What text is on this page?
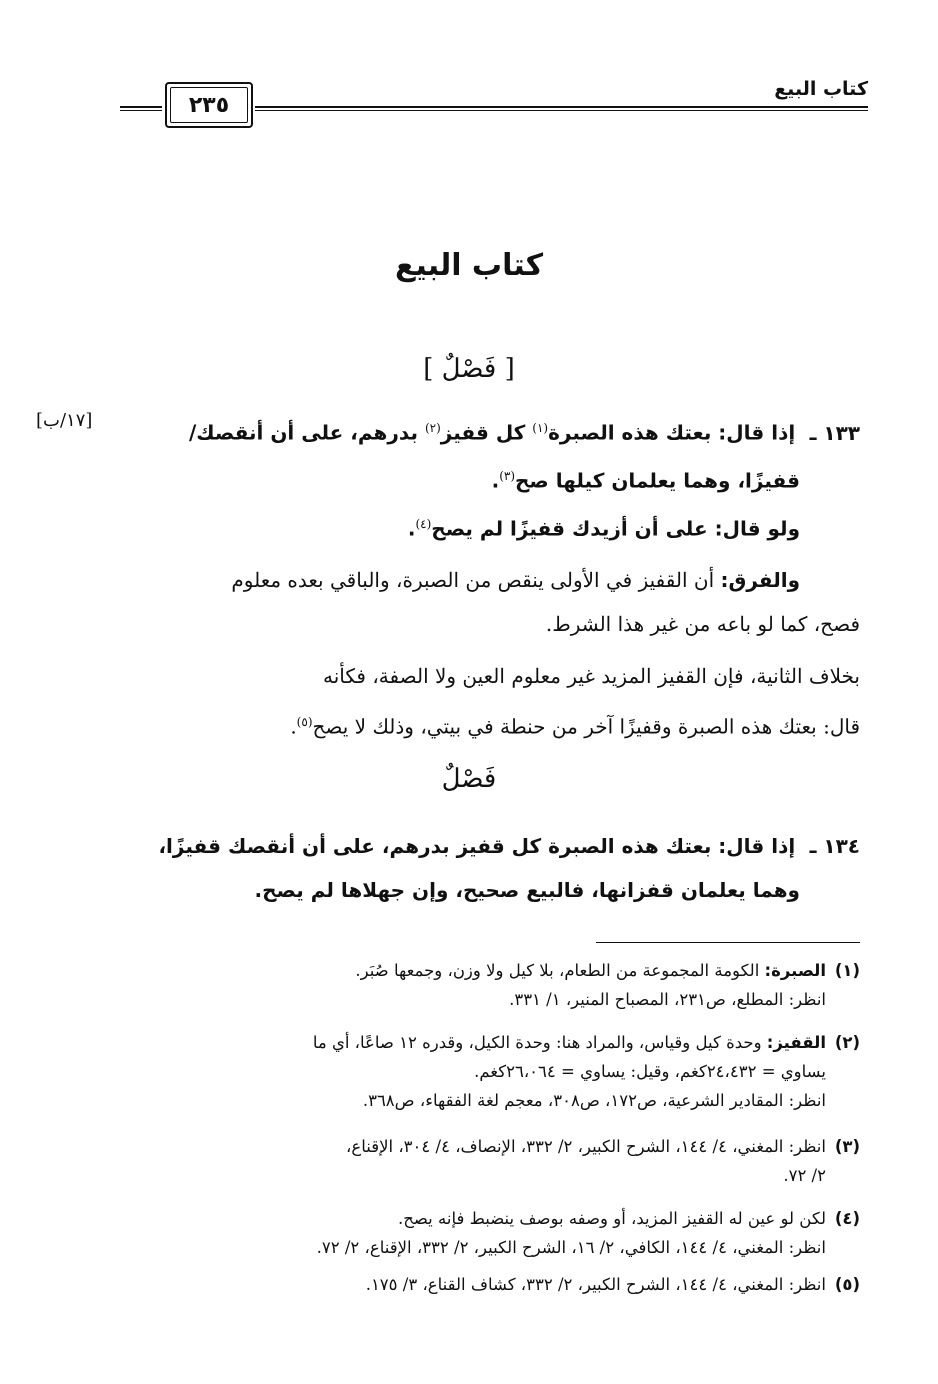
كتاب البيع
٢٣٥
كتاب البيع
[ فَصْلٌ ]
[١٧/ب]
١٣٣ ـ إذا قال: بعتك هذه الصبرة$^{(١)}$ كل قفيز$^{(٢)}$ بدرهم، على أن أنقصك/
قفيزًا، وهما يعلمان كيلها صح$^{(٣)}$.
ولو قال: على أن أزيدك قفيزًا لم يصح$^{(٤)}$.
والفرق: أن القفيز في الأولى ينقص من الصبرة، والباقي بعده معلوم
فصح، كما لو باعه من غير هذا الشرط.
بخلاف الثانية، فإن القفيز المزيد غير معلوم العين ولا الصفة، فكأنه
قال: بعتك هذه الصبرة وقفيزًا آخر من حنطة في بيتي، وذلك لا يصح$^{(٥)}$.
فَصْلٌ
١٣٤ ـ إذا قال: بعتك هذه الصبرة كل قفيز بدرهم، على أن أنقصك قفيزًا،
وهما يعلمان قفزانها، فالبيع صحيح، وإن جهلاها لم يصح.
(١)الصبرة: الكومة المجموعة من الطعام، بلا كيل ولا وزن، وجمعها صُبَر.
انظر: المطلع، ص٢٣١، المصباح المنير، ١/ ٣٣١.
(٢)القفيز: وحدة كيل وقياس، والمراد هنا: وحدة الكيل، وقدره ١٢ صاعًا، أي ما
يساوي = ٢٤،٤٣٢كغم، وقيل: يساوي = ٢٦،٠٦٤كغم.
انظر: المقادير الشرعية، ص١٧٢، ص٣٠٨، معجم لغة الفقهاء، ص٣٦٨.
(٣)انظر: المغني، ٤/ ١٤٤، الشرح الكبير، ٢/ ٣٣٢، الإنصاف، ٤/ ٣٠٤، الإقناع،
٢/ ٧٢.
(٤)لكن لو عين له القفيز المزيد، أو وصفه بوصف ينضبط فإنه يصح.
انظر: المغني، ٤/ ١٤٤، الكافي، ٢/ ١٦، الشرح الكبير، ٢/ ٣٣٢، الإقناع، ٢/ ٧٢.
(٥)انظر: المغني، ٤/ ١٤٤، الشرح الكبير، ٢/ ٣٣٢، كشاف القناع، ٣/ ١٧٥.
